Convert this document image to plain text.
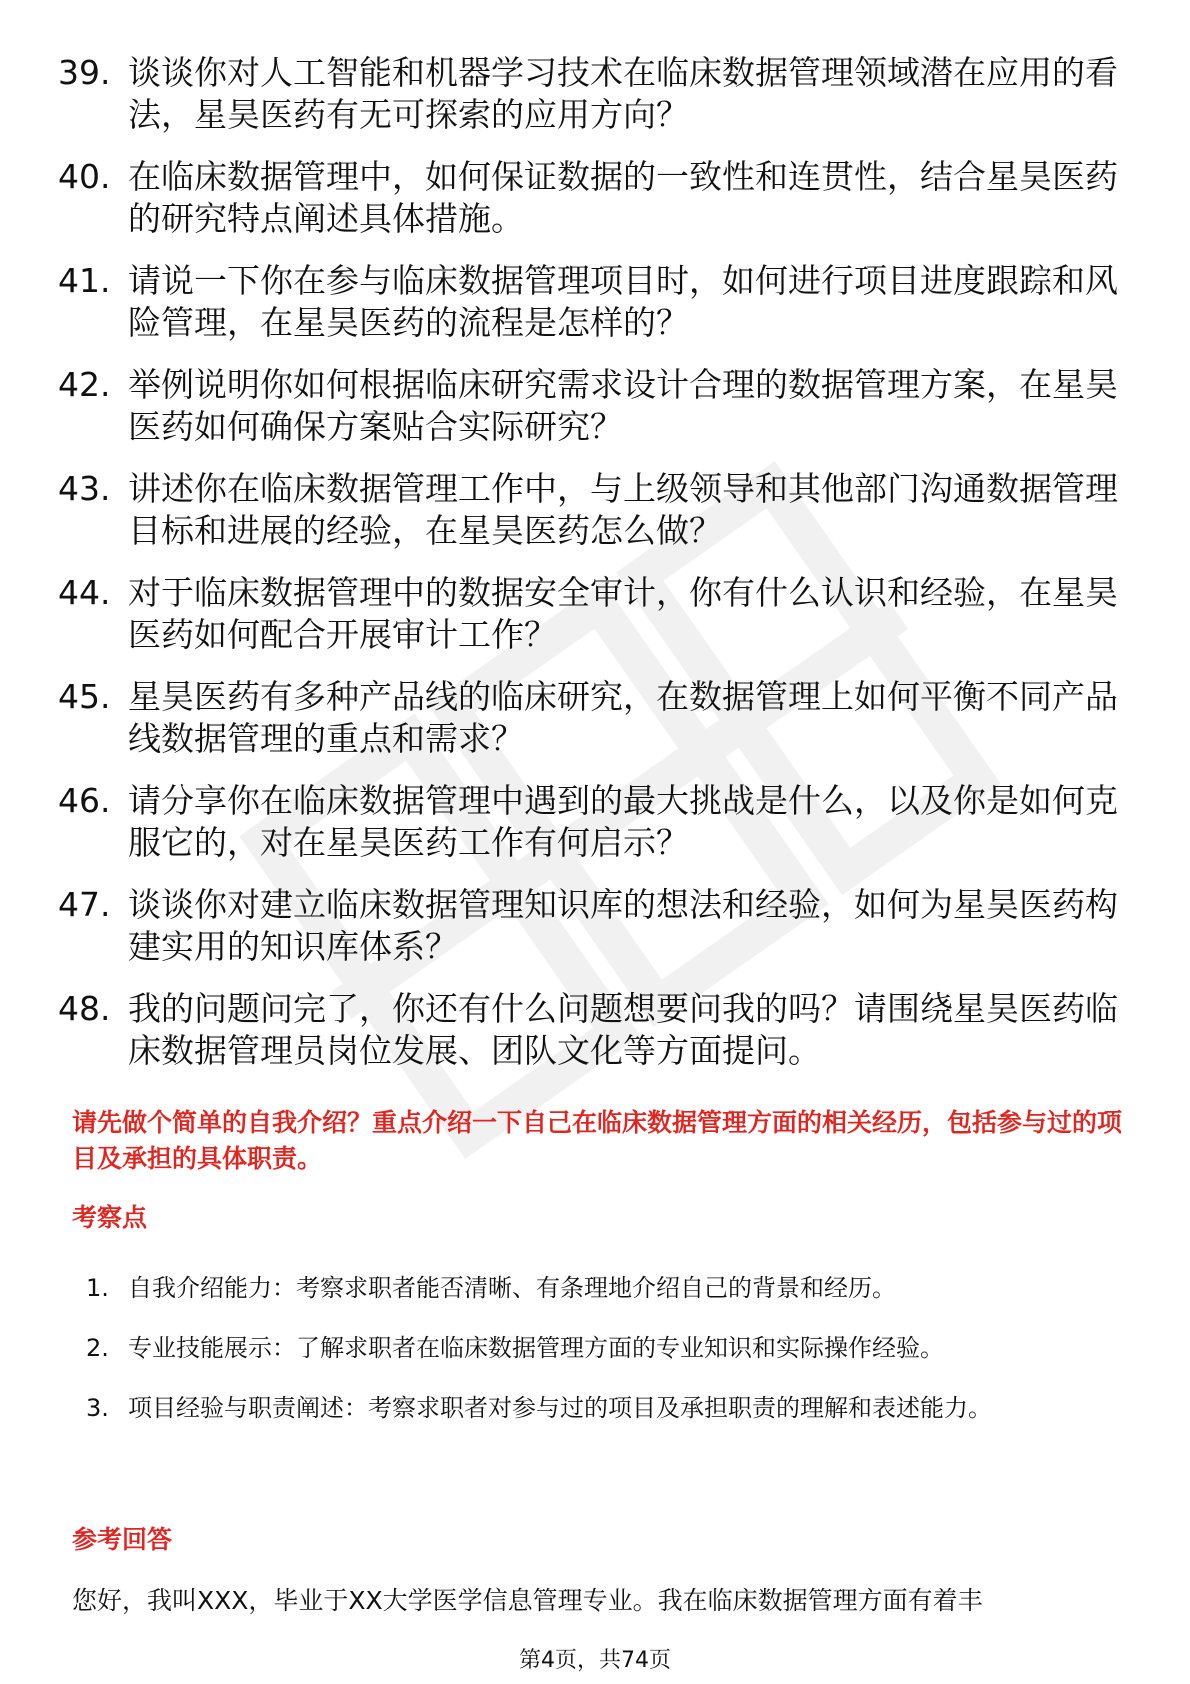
39. 谈谈你对人工智能和机器学习技术在临床数据管理领域潜在应用的看法，星昊医药有无可探索的应用方向？
40. 在临床数据管理中，如何保证数据的一致性和连贯性，结合星昊医药的研究特点阐述具体措施。
41. 请说一下你在参与临床数据管理项目时，如何进行项目进度跟踪和风险管理，在星昊医药的流程是怎样的？
42. 举例说明你如何根据临床研究需求设计合理的数据管理方案，在星昊医药如何确保方案贴合实际研究？
43. 讲述你在临床数据管理工作中，与上级领导和其他部门沟通数据管理目标和进展的经验，在星昊医药怎么做？
44. 对于临床数据管理中的数据安全审计，你有什么认识和经验，在星昊医药如何配合开展审计工作？
45. 星昊医药有多种产品线的临床研究，在数据管理上如何平衡不同产品线数据管理的重点和需求？
46. 请分享你在临床数据管理中遇到的最大挑战是什么，以及你是如何克服它的，对在星昊医药工作有何启示？
47. 谈谈你对建立临床数据管理知识库的想法和经验，如何为星昊医药构建实用的知识库体系？
48. 我的问题问完了，你还有什么问题想要问我的吗？请围绕星昊医药临床数据管理员岗位发展、团队文化等方面提问。
请先做个简单的自我介绍？重点介绍一下自己在临床数据管理方面的相关经历，包括参与过的项目及承担的具体职责。
考察点
1. 自我介绍能力：考察求职者能否清晰、有条理地介绍自己的背景和经历。
2. 专业技能展示：了解求职者在临床数据管理方面的专业知识和实际操作经验。
3. 项目经验与职责阐述：考察求职者对参与过的项目及承担职责的理解和表述能力。
参考回答
您好，我叫XXX，毕业于XX大学医学信息管理专业。我在临床数据管理方面有着丰
第4页，共74页
